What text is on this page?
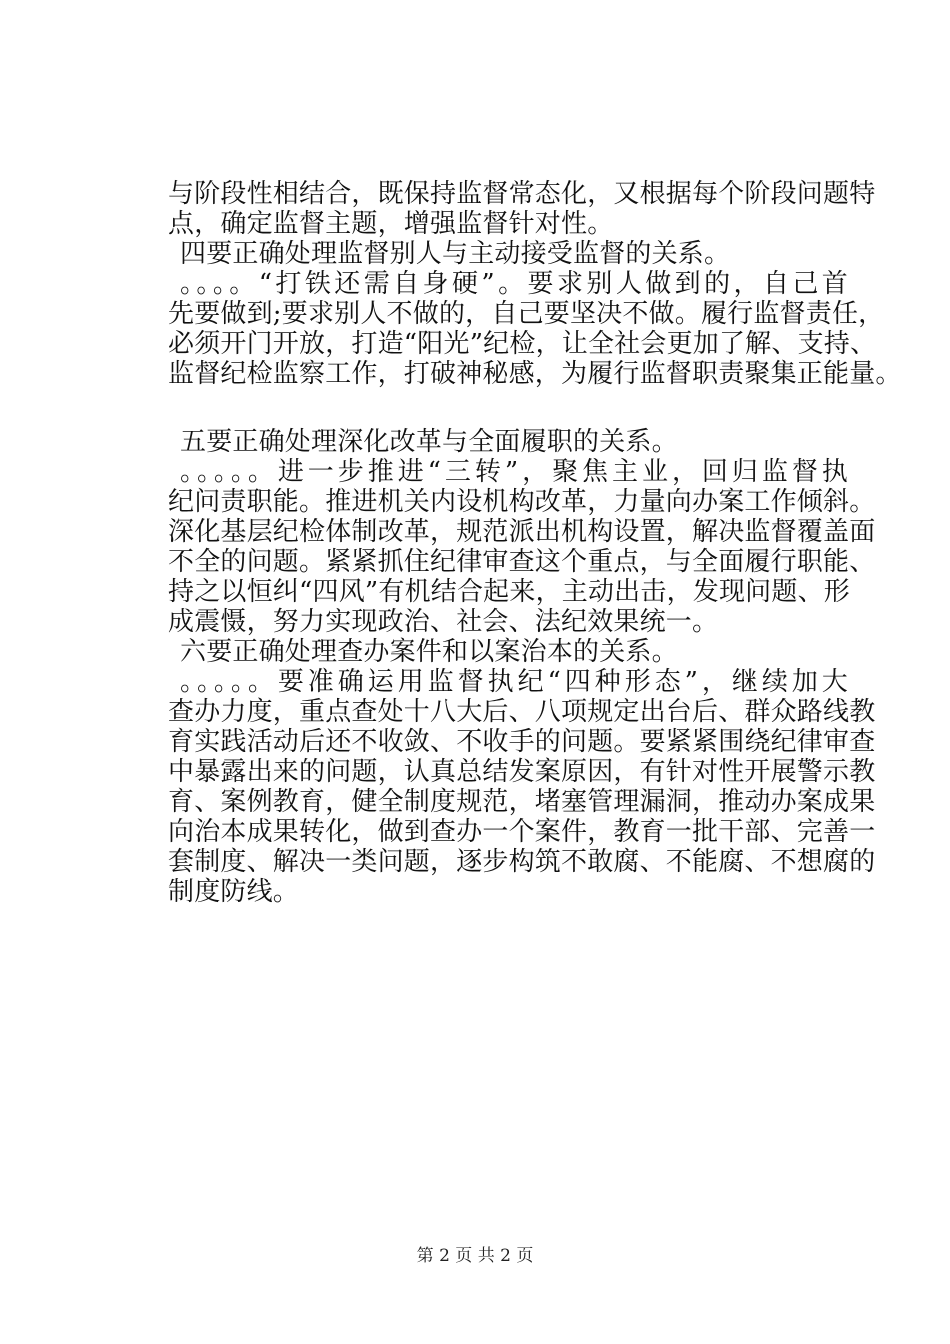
与阶段性相结合，既保持监督常态化，又根据每个阶段问题特
点，确定监督主题，增强监督针对性。
四要正确处理监督别人与主动接受监督的关系。
。。。。“打铁还需自身硬”。要求别人做到的，自己首
先要做到;要求别人不做的，自己要坚决不做。履行监督责任，
必须开门开放，打造“阳光”纪检，让全社会更加了解、支持、
监督纪检监察工作，打破神秘感，为履行监督职责聚集正能量。
五要正确处理深化改革与全面履职的关系。
。。。。。进一步推进“三转”，聚焦主业，回归监督执
纪问责职能。推进机关内设机构改革，力量向办案工作倾斜。
深化基层纪检体制改革，规范派出机构设置，解决监督覆盖面
不全的问题。紧紧抓住纪律审查这个重点，与全面履行职能、
持之以恒纠“四风”有机结合起来，主动出击，发现问题、形
成震慑，努力实现政治、社会、法纪效果统一。
六要正确处理查办案件和以案治本的关系。
。。。。。要准确运用监督执纪“四种形态”，继续加大
查办力度，重点查处十八大后、八项规定出台后、群众路线教
育实践活动后还不收敛、不收手的问题。要紧紧围绕纪律审查
中暴露出来的问题，认真总结发案原因，有针对性开展警示教
育、案例教育，健全制度规范，堵塞管理漏洞，推动办案成果
向治本成果转化，做到查办一个案件，教育一批干部、完善一
套制度、解决一类问题，逐步构筑不敢腐、不能腐、不想腐的
制度防线。
第 2 页 共 2 页
